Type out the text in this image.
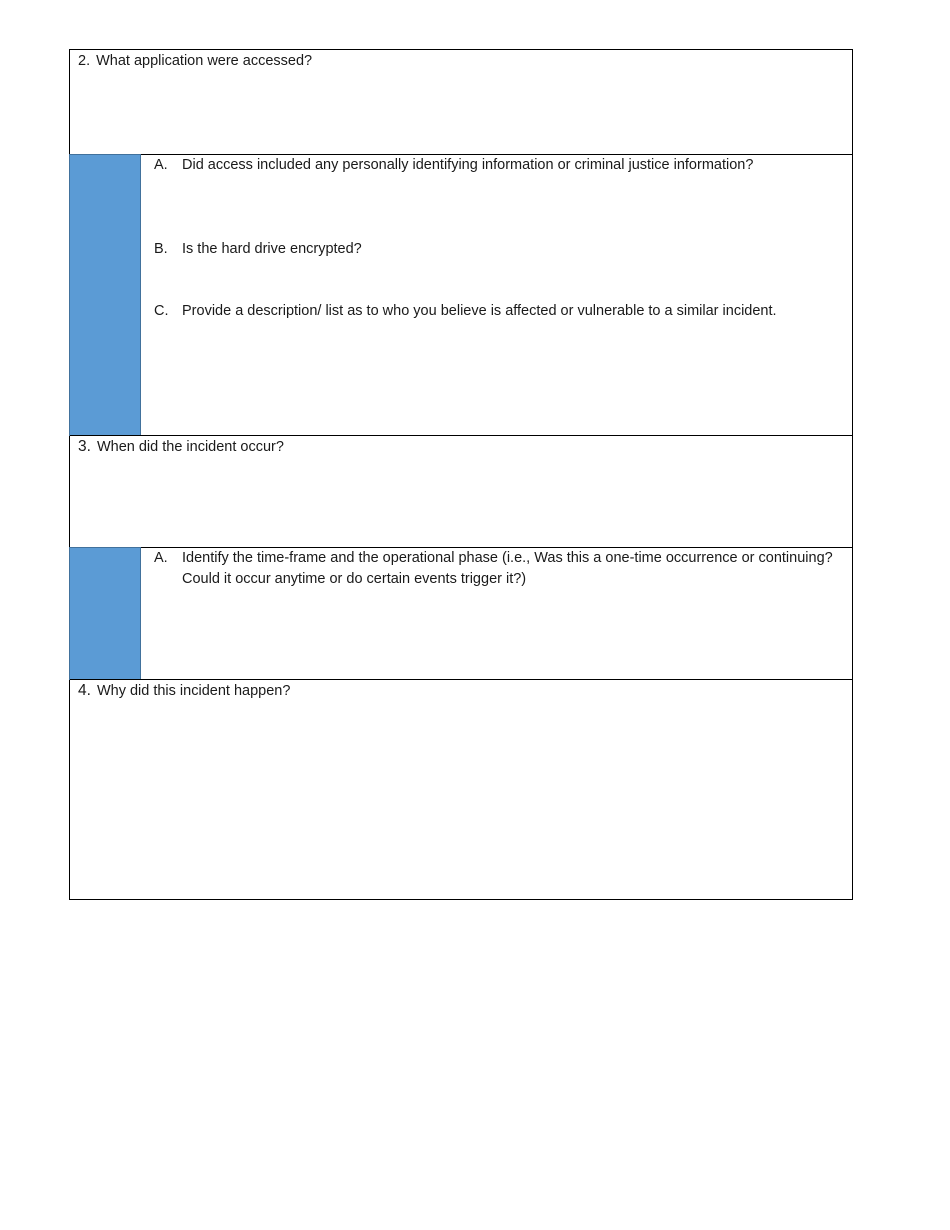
2. What application were accessed?
A. Did access included any personally identifying information or criminal justice information?
B. Is the hard drive encrypted?
C. Provide a description/ list as to who you believe is affected or vulnerable to a similar incident.
3. When did the incident occur?
A. Identify the time-frame and the operational phase (i.e., Was this a one-time occurrence or continuing? Could it occur anytime or do certain events trigger it?)
4. Why did this incident happen?
